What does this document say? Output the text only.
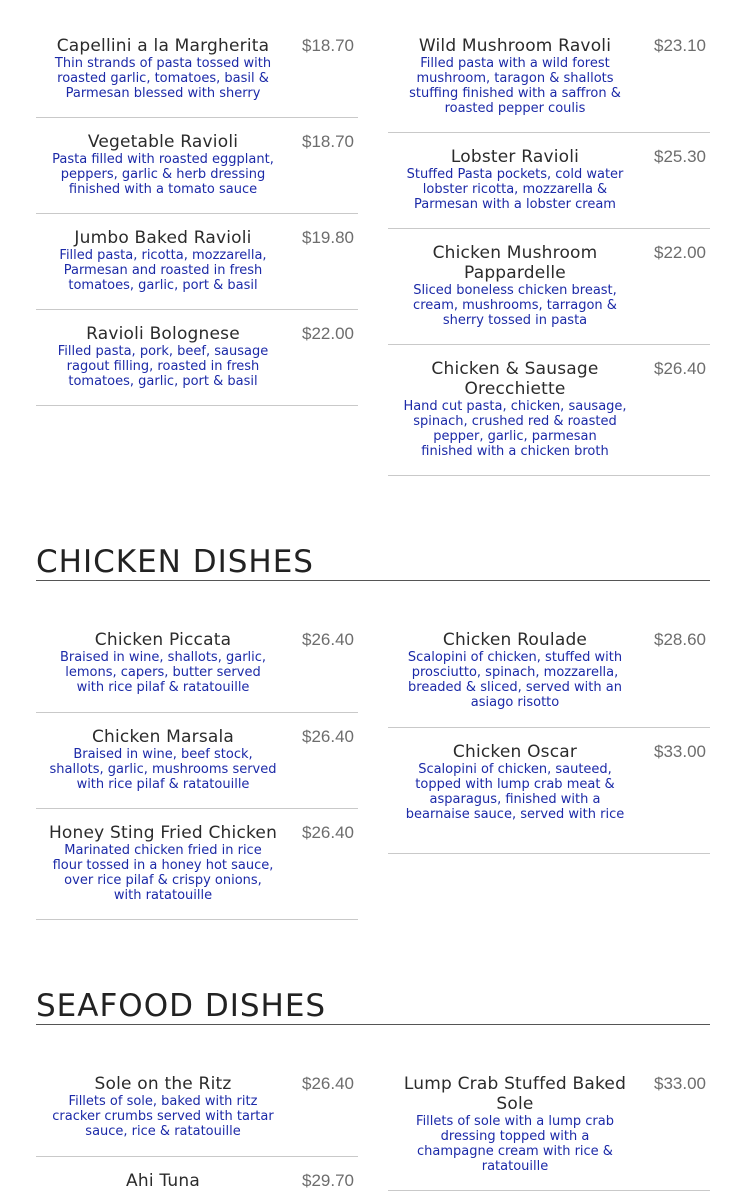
Capellini a la Margherita
Thin strands of pasta tossed with
roasted garlic, tomatoes, basil &
Parmesan blessed with sherry
$18.70
Vegetable Ravioli
Pasta filled with roasted eggplant,
peppers, garlic & herb dressing
finished with a tomato sauce
$18.70
Jumbo Baked Ravioli
Filled pasta, ricotta, mozzarella,
Parmesan and roasted in fresh
tomatoes, garlic, port & basil
$19.80
Ravioli Bolognese
Filled pasta, pork, beef, sausage
ragout filling, roasted in fresh
tomatoes, garlic, port & basil
$22.00
Wild Mushroom Ravoli
Filled pasta with a wild forest
mushroom, taragon & shallots
stuffing finished with a saffron &
roasted pepper coulis
$23.10
Lobster Ravioli
Stuffed Pasta pockets, cold water
lobster ricotta, mozzarella &
Parmesan with a lobster cream
$25.30
Chicken Mushroom
Pappardelle
Sliced boneless chicken breast,
cream, mushrooms, tarragon &
sherry tossed in pasta
$22.00
Chicken & Sausage
Orecchiette
Hand cut pasta, chicken, sausage,
spinach, crushed red & roasted
pepper, garlic, parmesan
finished with a chicken broth
$26.40
CHICKEN DISHES
Chicken Piccata
Braised in wine, shallots, garlic,
lemons, capers, butter served
with rice pilaf & ratatouille
$26.40
Chicken Marsala
Braised in wine, beef stock,
shallots, garlic, mushrooms served
with rice pilaf & ratatouille
$26.40
Honey Sting Fried Chicken
Marinated chicken fried in rice
flour tossed in a honey hot sauce,
over rice pilaf & crispy onions,
with ratatouille
$26.40
Chicken Roulade
Scalopini of chicken, stuffed with
prosciutto, spinach, mozzarella,
breaded & sliced, served with an
asiago risotto
$28.60
Chicken Oscar
Scalopini of chicken, sauteed,
topped with lump crab meat &
asparagus, finished with a
bearnaise sauce, served with rice
$33.00
SEAFOOD DISHES
Sole on the Ritz
Fillets of sole, baked with ritz
cracker crumbs served with tartar
sauce, rice & ratatouille
$26.40
Ahi Tuna	$29.70
Lump Crab Stuffed Baked
Sole
Fillets of sole with a lump crab
dressing topped with a
champagne cream with rice &
ratatouille
$33.00
